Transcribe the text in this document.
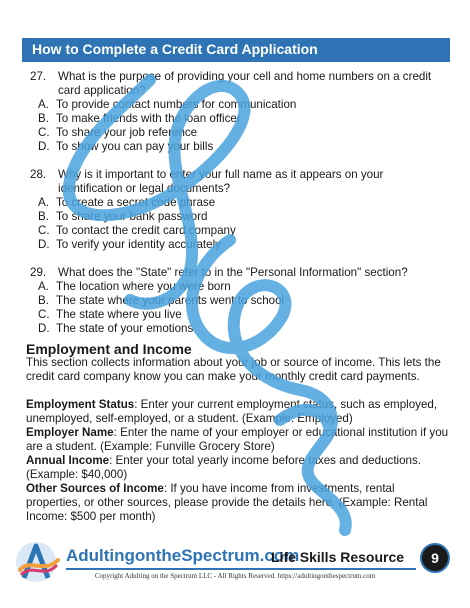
How to Complete a Credit Card Application
27.	What is the purpose of providing your cell and home numbers on a credit card application?
A. To provide contact numbers for communication
B. To make friends with the loan officer
C. To share your job reference
D. To show you can pay your bills
28.	Why is it important to enter your full name as it appears on your identification or legal documents?
A. To create a secret code phrase
B. To share your bank password
C. To contact the credit card company
D. To verify your identity accurately
29.	What does the "State" refer to in the "Personal Information" section?
A. The location where you were born
B. The state where your parents went to school
C. The state where you live
D. The state of your emotions
Employment and Income
This section collects information about your job or source of income. This lets the credit card company know you can make your monthly credit card payments.
Employment Status: Enter your current employment status, such as employed, unemployed, self-employed, or a student. (Example: Employed)
Employer Name: Enter the name of your employer or educational institution if you are a student. (Example: Funville Grocery Store)
Annual Income: Enter your total yearly income before taxes and deductions. (Example: $40,000)
Other Sources of Income: If you have income from investments, rental properties, or other sources, please provide the details here. (Example: Rental Income: $500 per month)
AdultingontheSpectrum.com
Life Skills Resource	9
Copyright Adulting on the Spectrum LLC - All Rights Reserved. https://adultingonthespectrum.com
